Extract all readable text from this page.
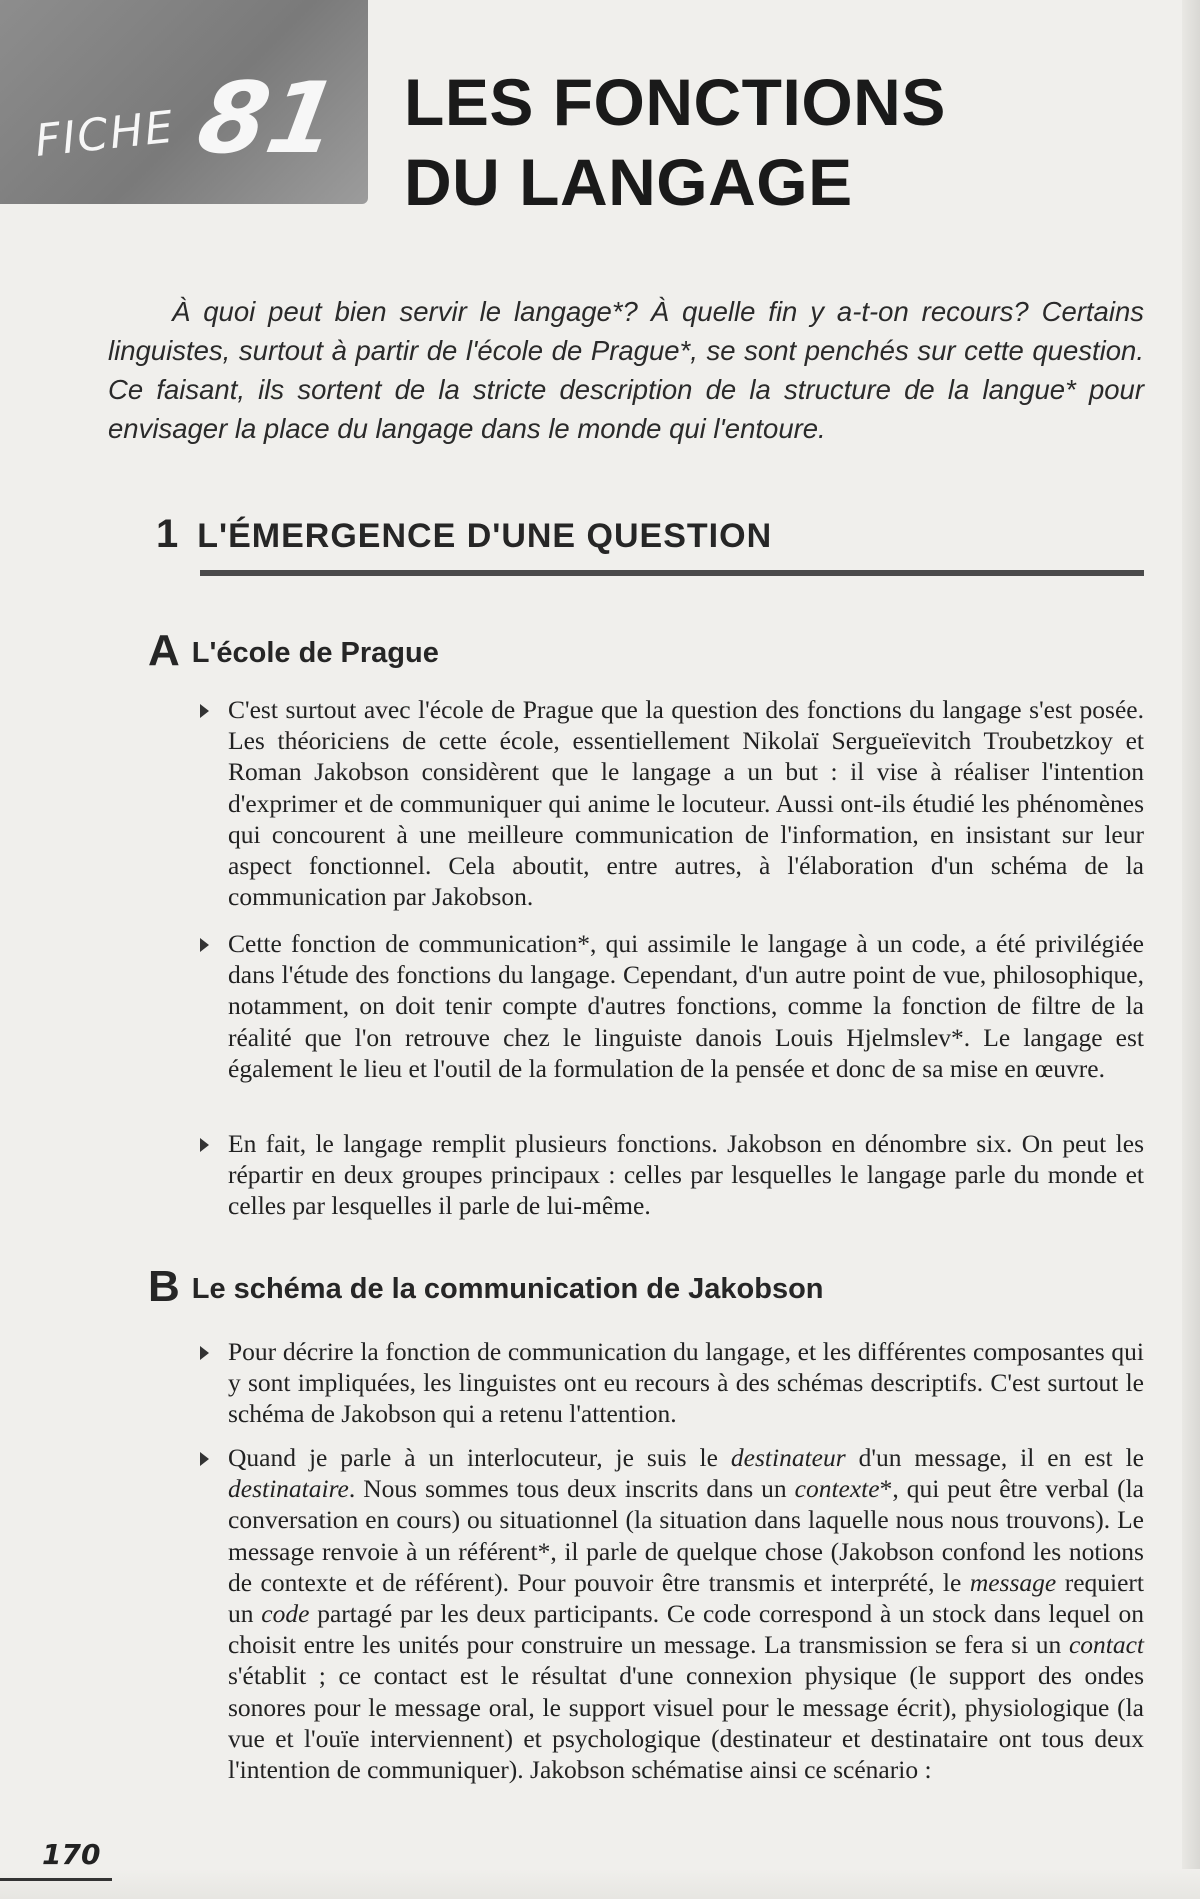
FICHE 81 LES FONCTIONS
DU LANGAGE

À quoi peut bien servir le langage*? À quelle fin y a-t-on recours? Certains linguistes, surtout à partir de l'école de Prague*, se sont penchés sur cette question. Ce faisant, ils sortent de la stricte description de la structure de la langue* pour envisager la place du langage dans le monde qui l'entoure.

1 L'ÉMERGENCE D'UNE QUESTION
A L'école de Prague
C'est surtout avec l'école de Prague que la question des fonctions du langage s'est posée. Les théoriciens de cette école, essentiellement Nikolaï Sergueïevitch Troubetzkoy et Roman Jakobson considèrent que le langage a un but : il vise à réaliser l'intention d'exprimer et de communiquer qui anime le locuteur. Aussi ont-ils étudié les phénomènes qui concourent à une meilleure communication de l'information, en insistant sur leur aspect fonctionnel. Cela aboutit, entre autres, à l'élaboration d'un schéma de la communication par Jakobson.
Cette fonction de communication*, qui assimile le langage à un code, a été privilégiée dans l'étude des fonctions du langage. Cependant, d'un autre point de vue, philosophique, notamment, on doit tenir compte d'autres fonctions, comme la fonction de filtre de la réalité que l'on retrouve chez le linguiste danois Louis Hjelmslev*. Le langage est également le lieu et l'outil de la formulation de la pensée et donc de sa mise en œuvre.
En fait, le langage remplit plusieurs fonctions. Jakobson en dénombre six. On peut les répartir en deux groupes principaux : celles par lesquelles le langage parle du monde et celles par lesquelles il parle de lui-même.
B Le schéma de la communication de Jakobson
Pour décrire la fonction de communication du langage, et les différentes composantes qui y sont impliquées, les linguistes ont eu recours à des schémas descriptifs. C'est surtout le schéma de Jakobson qui a retenu l'attention.
Quand je parle à un interlocuteur, je suis le destinateur d'un message, il en est le destinataire. Nous sommes tous deux inscrits dans un contexte*, qui peut être verbal (la conversation en cours) ou situationnel (la situation dans laquelle nous nous trouvons). Le message renvoie à un référent*, il parle de quelque chose (Jakobson confond les notions de contexte et de référent). Pour pouvoir être transmis et interprété, le message requiert un code partagé par les deux participants. Ce code correspond à un stock dans lequel on choisit entre les unités pour construire un message. La transmission se fera si un contact s'établit ; ce contact est le résultat d'une connexion physique (le support des ondes sonores pour le message oral, le support visuel pour le message écrit), physiologique (la vue et l'ouïe interviennent) et psychologique (destinateur et destinataire ont tous deux l'intention de communiquer). Jakobson schématise ainsi ce scénario :
170
